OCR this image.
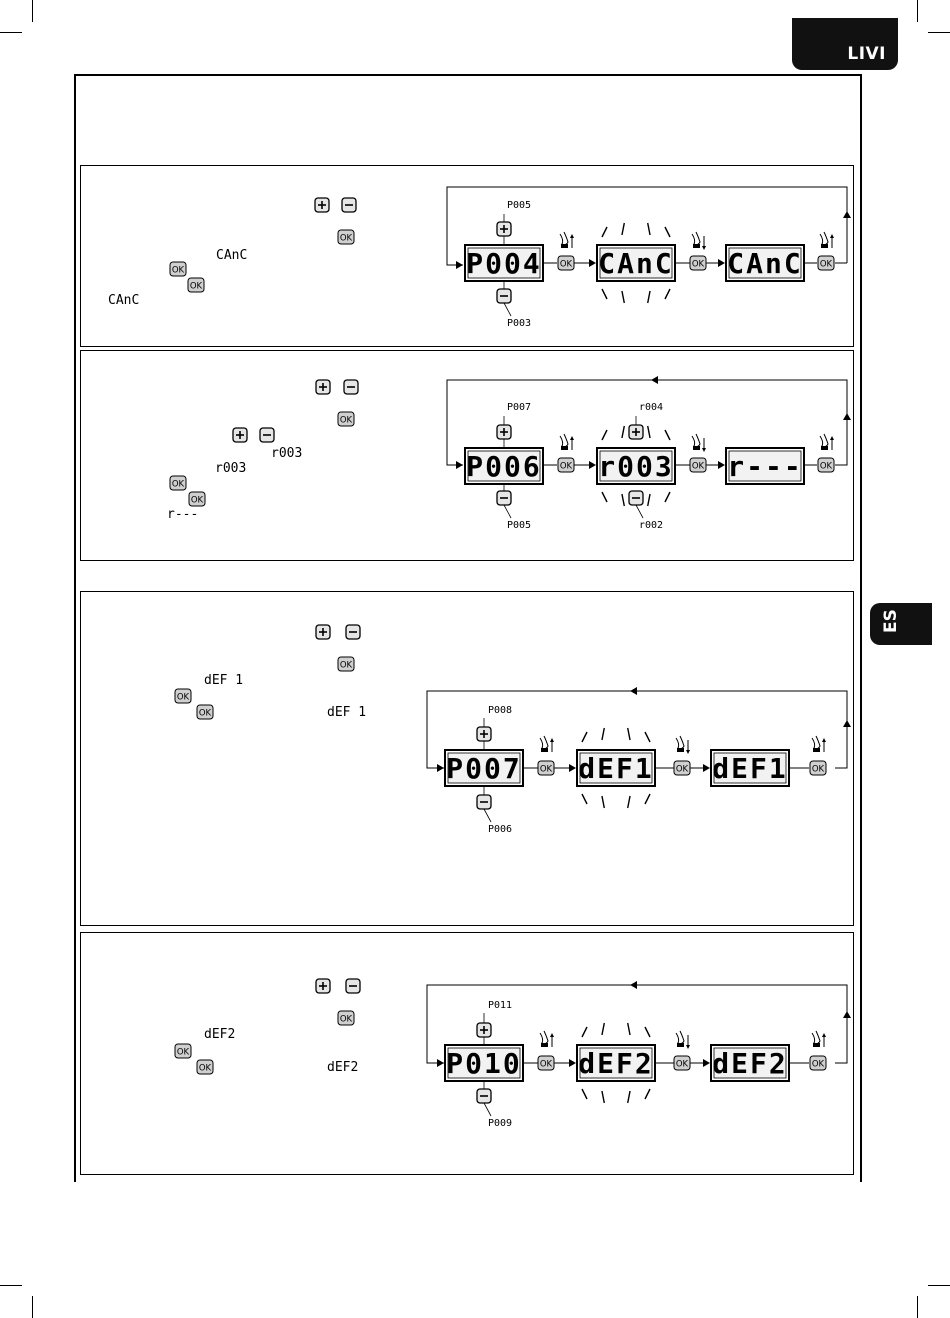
LIVI
ES
OK
CAnC
OK
OK
CAnC
P004
P005
P003
OK CAnC OK CAnC OK
OK
r003
r003
OK
OK
r---
P006
P007
P005
OK r003
r004
r002
OK r--- OK
OK
dEF 1
OK
OK	dEF 1
P007
P008
P006
OK dEF1	OK dEF1	OK
OK
dEF2
OK
OK	dEF2	P010
P011
P009
OK dEF2	OK dEF2	OK
